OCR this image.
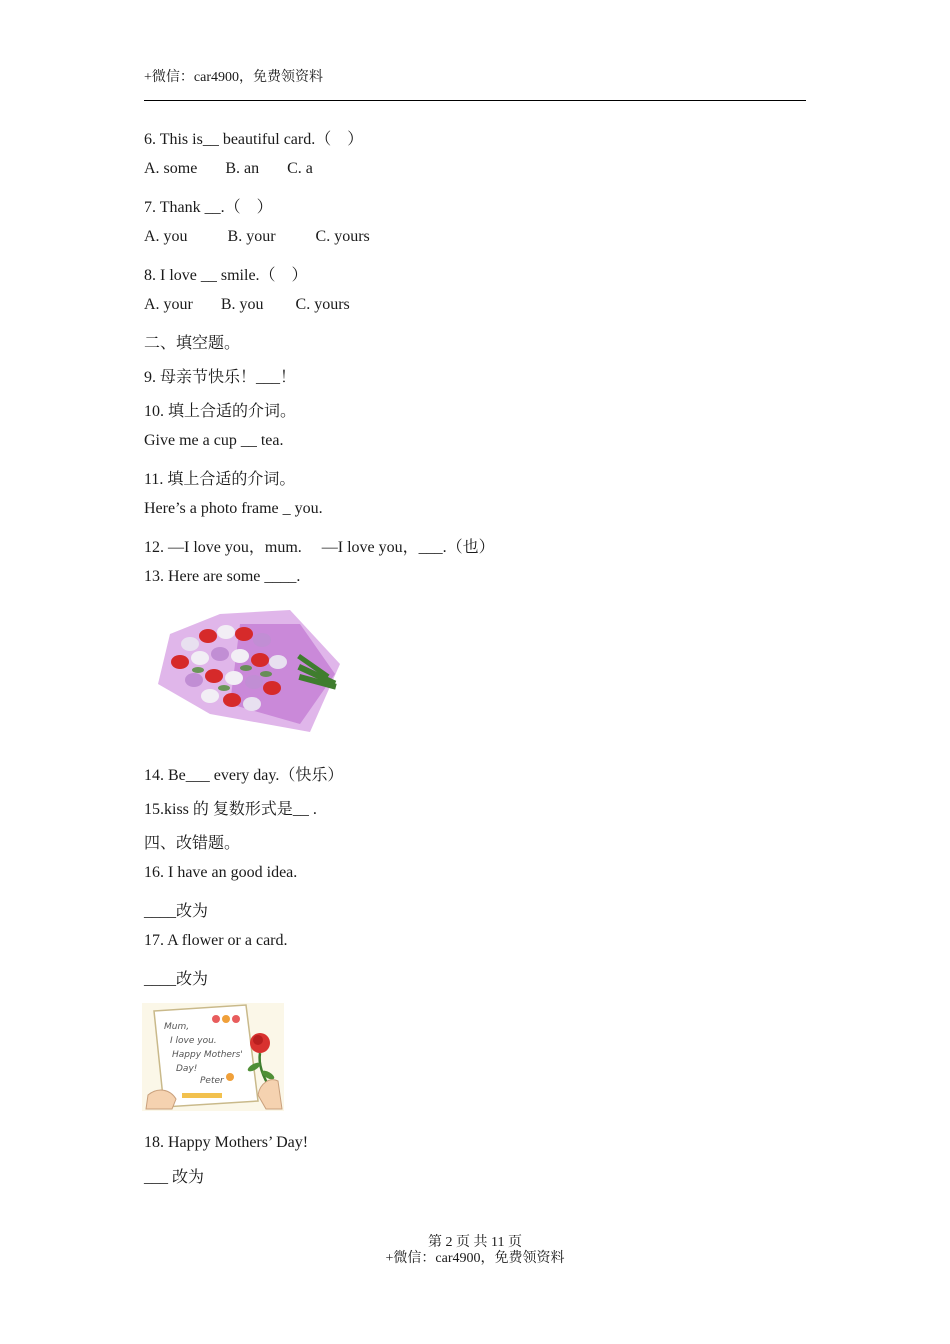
+微信：car4900，免费领资料
6. This is__ beautiful card.（    ）
A. some       B. an       C. a
7. Thank __.（    ）
A. you          B. your          C. yours
8. I love __ smile.（    ）
A. your       B. you        C. yours
二、填空题。
9. 母亲节快乐！___！
10. 填上合适的介词。
Give me a cup __ tea.
11. 填上合适的介词。
Here’s a photo frame _ you.
12. —I love you，mum.     —I love you，___.（也）
13. Here are some ____.
14. Be___ every day.（快乐）
15.kiss 的 复数形式是__ .
四、改错题。
16. I have an good idea.
____改为
17. A flower or a card.
____改为
Mum,
I love you.
Happy Mothers'
Day!
Peter
18. Happy Mothers’ Day!
___ 改为
第 2 页 共 11 页
+微信：car4900，免费领资料
